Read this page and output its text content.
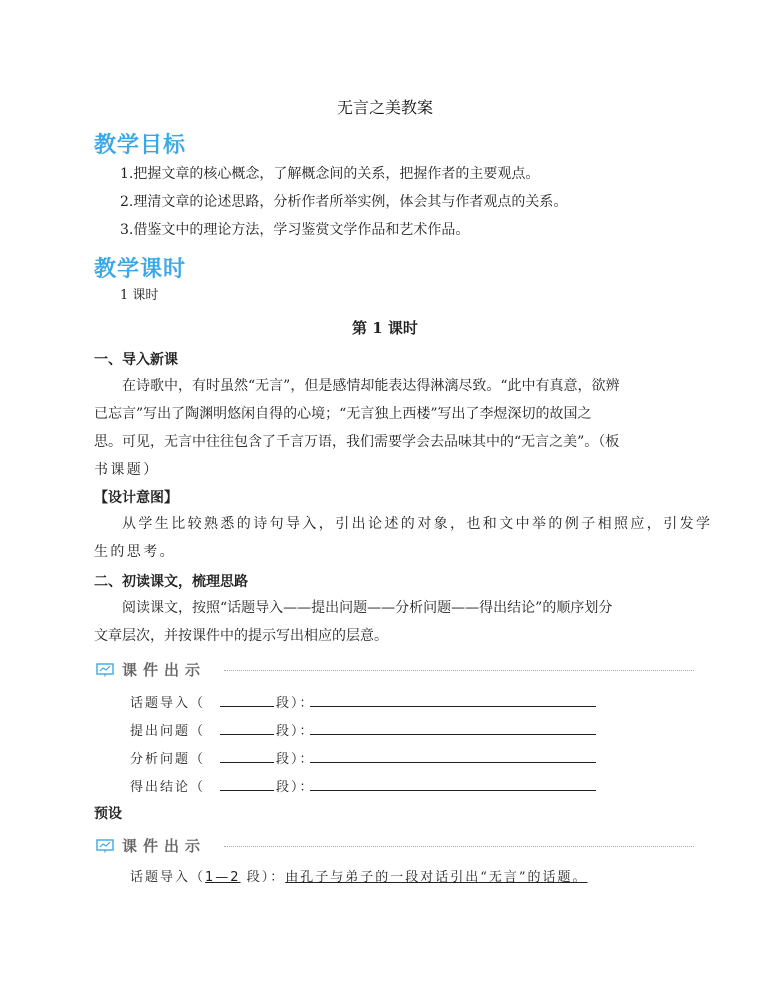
无言之美教案
教学目标
1.把握文章的核心概念，了解概念间的关系，把握作者的主要观点。
2.理清文章的论述思路，分析作者所举实例，体会其与作者观点的关系。
3.借鉴文中的理论方法，学习鉴赏文学作品和艺术作品。
教学课时
1 课时
第 1 课时
一、导入新课
在诗歌中，有时虽然“无言”，但是感情却能表达得淋漓尽致。“此中有真意，欲辨
已忘言”写出了陶渊明悠闲自得的心境；“无言独上西楼”写出了李煜深切的故国之
思。可见，无言中往往包含了千言万语，我们需要学会去品味其中的“无言之美”。（板
书课题）
【设计意图】
从学生比较熟悉的诗句导入，引出论述的对象，也和文中举的例子相照应，引发学
生的思考。
二、初读课文，梳理思路
阅读课文，按照“话题导入——提出问题——分析问题——得出结论”的顺序划分
文章层次，并按课件中的提示写出相应的层意。
课件出示
话题导入（	段）：
提出问题（	段）：
分析问题（	段）：
得出结论（	段）：
预设
课件出示
话题导入（1—2 段）：由孔子与弟子的一段对话引出“无言”的话题。
